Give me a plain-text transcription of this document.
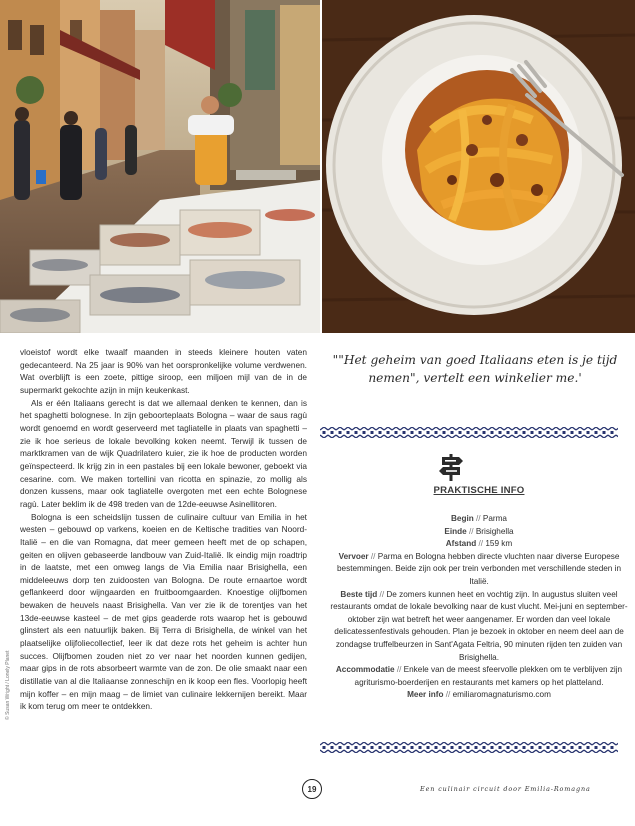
© Susan Wright / Lonely Planet

vloeistof wordt elke twaalf maanden in steeds kleinere houten vaten gedecanteerd. Na 25 jaar is 90% van het oorspronkelijke volume verdwenen. Wat overblijft is een zoete, pittige siroop, een miljoen mijl van de in de supermarkt gekochte azijn in mijn keukenkast.

Als er één Italiaans gerecht is dat we allemaal denken te kennen, dan is het spaghetti bolognese. In zijn geboorteplaats Bologna – waar de saus ragù wordt genoemd en wordt geserveerd met tagliatelle in plaats van spaghetti – zie ik hoe serieus de lokale bevolking koken neemt. Terwijl ik tussen de marktkramen van de wijk Quadrilatero kuier, zie ik hoe de producten worden geïnspecteerd. Ik krijg zin in een pastales bij een lokale bewoner, geboekt via cesarine. com. We maken tortellini van ricotta en spinazie, zo mollig als donzen kussens, maar ook tagliatelle overgoten met een echte Bolognese ragù. Later beklim ik de 498 treden van de 12de-eeuwse Asinellitoren.

Bologna is een scheidslijn tussen de culinaire cultuur van Emilia in het westen – gebouwd op varkens, koeien en de Keltische tradities van Noord-Italië – en die van Romagna, dat meer gemeen heeft met de op schapen, geiten en olijven gebaseerde landbouw van Zuid-Italië. Ik eindig mijn roadtrip in de laatste, met een omweg langs de Via Emilia naar Brisighella, een middeleeuws dorp ten zuidoosten van Bologna. De route ernaartoe wordt geflankeerd door wijngaarden en fruitboomgaarden. Knoestige olijfbomen bewaken de heuvels naast Brisighella. Van ver zie ik de torentjes van het 13de-eeuwse kasteel – de met gips geaderde rots waarop het is gebouwd glinstert als een natuurlijk baken. Bij Terra di Brisighella, de winkel van het plaatselijke olijfoliecollectief, leer ik dat deze rots het geheim is achter hun succes. Olijfbomen zouden niet zo ver naar het noorden kunnen gedijen, maar gips in de rots absorbeert warmte van de zon. De olie smaakt naar een distillatie van al die Italiaanse zonneschijn en ik koop een fles. Voorlopig heeft mijn koffer – en mijn maag – de limiet van culinaire lekkernijen bereikt. Maar ik kom terug om meer te ontdekken.

""Het geheim van goed Italiaans eten is je tijd nemen", vertelt een winkelier me.'
PRAKTISCHE INFO

Begin // Parma

Einde // Brisighella

Afstand // 159 km

Vervoer // Parma en Bologna hebben directe vluchten naar diverse Europese bestemmingen. Beide zijn ook per trein verbonden met verschillende steden in Italië.

Beste tijd // De zomers kunnen heet en vochtig zijn. In augustus sluiten veel restaurants omdat de lokale bevolking naar de kust vlucht. Mei-juni en september-oktober zijn wat betreft het weer aangenamer. Er worden dan veel lokale delicatessenfestivals gehouden. Plan je bezoek in oktober en neem deel aan de zondagse truffelbeurzen in Sant'Agata Feltria, 90 minuten rijden ten zuiden van Brisighella.

Accommodatie // Enkele van de meest sfeervolle plekken om te verblijven zijn agriturismo-boerderijen en restaurants met kamers op het platteland.

Meer info // emiliaromagnaturismo.com

19	Een culinair circuit door Emilia-Romagna
